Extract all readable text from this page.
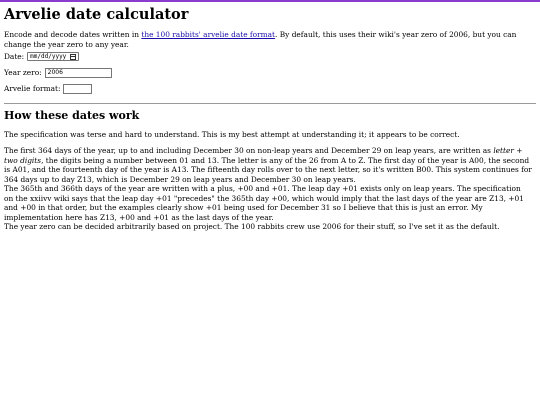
Arvelie date calculator

Encode and decode dates written in the 100 rabbits' arvelie date format. By default, this uses their wiki's year zero of 2006, but you can change the year zero to any year.

Date: mm/dd/yyyy
Year zero: 2006
Arvelie format:
How these dates work

The specification was terse and hard to understand. This is my best attempt at understanding it; it appears to be correct.

The first 364 days of the year, up to and including December 30 on non-leap years and December 29 on leap years, are written as letter + two digits, the digits being a number between 01 and 13. The letter is any of the 26 from A to Z. The first day of the year is A00, the second is A01, and the fourteenth day of the year is A13. The fifteenth day rolls over to the next letter, so it's written B00. This system continues for 364 days up to day Z13, which is December 29 on leap years and December 30 on leap years.

The 365th and 366th days of the year are written with a plus, +00 and +01. The leap day +01 exists only on leap years. The specification on the xxiivv wiki says that the leap day +01 "precedes" the 365th day +00, which would imply that the last days of the year are Z13, +01 and +00 in that order, but the examples clearly show +01 being used for December 31 so I believe that this is just an error. My implementation here has Z13, +00 and +01 as the last days of the year.

The year zero can be decided arbitrarily based on project. The 100 rabbits crew use 2006 for their stuff, so I've set it as the default.
